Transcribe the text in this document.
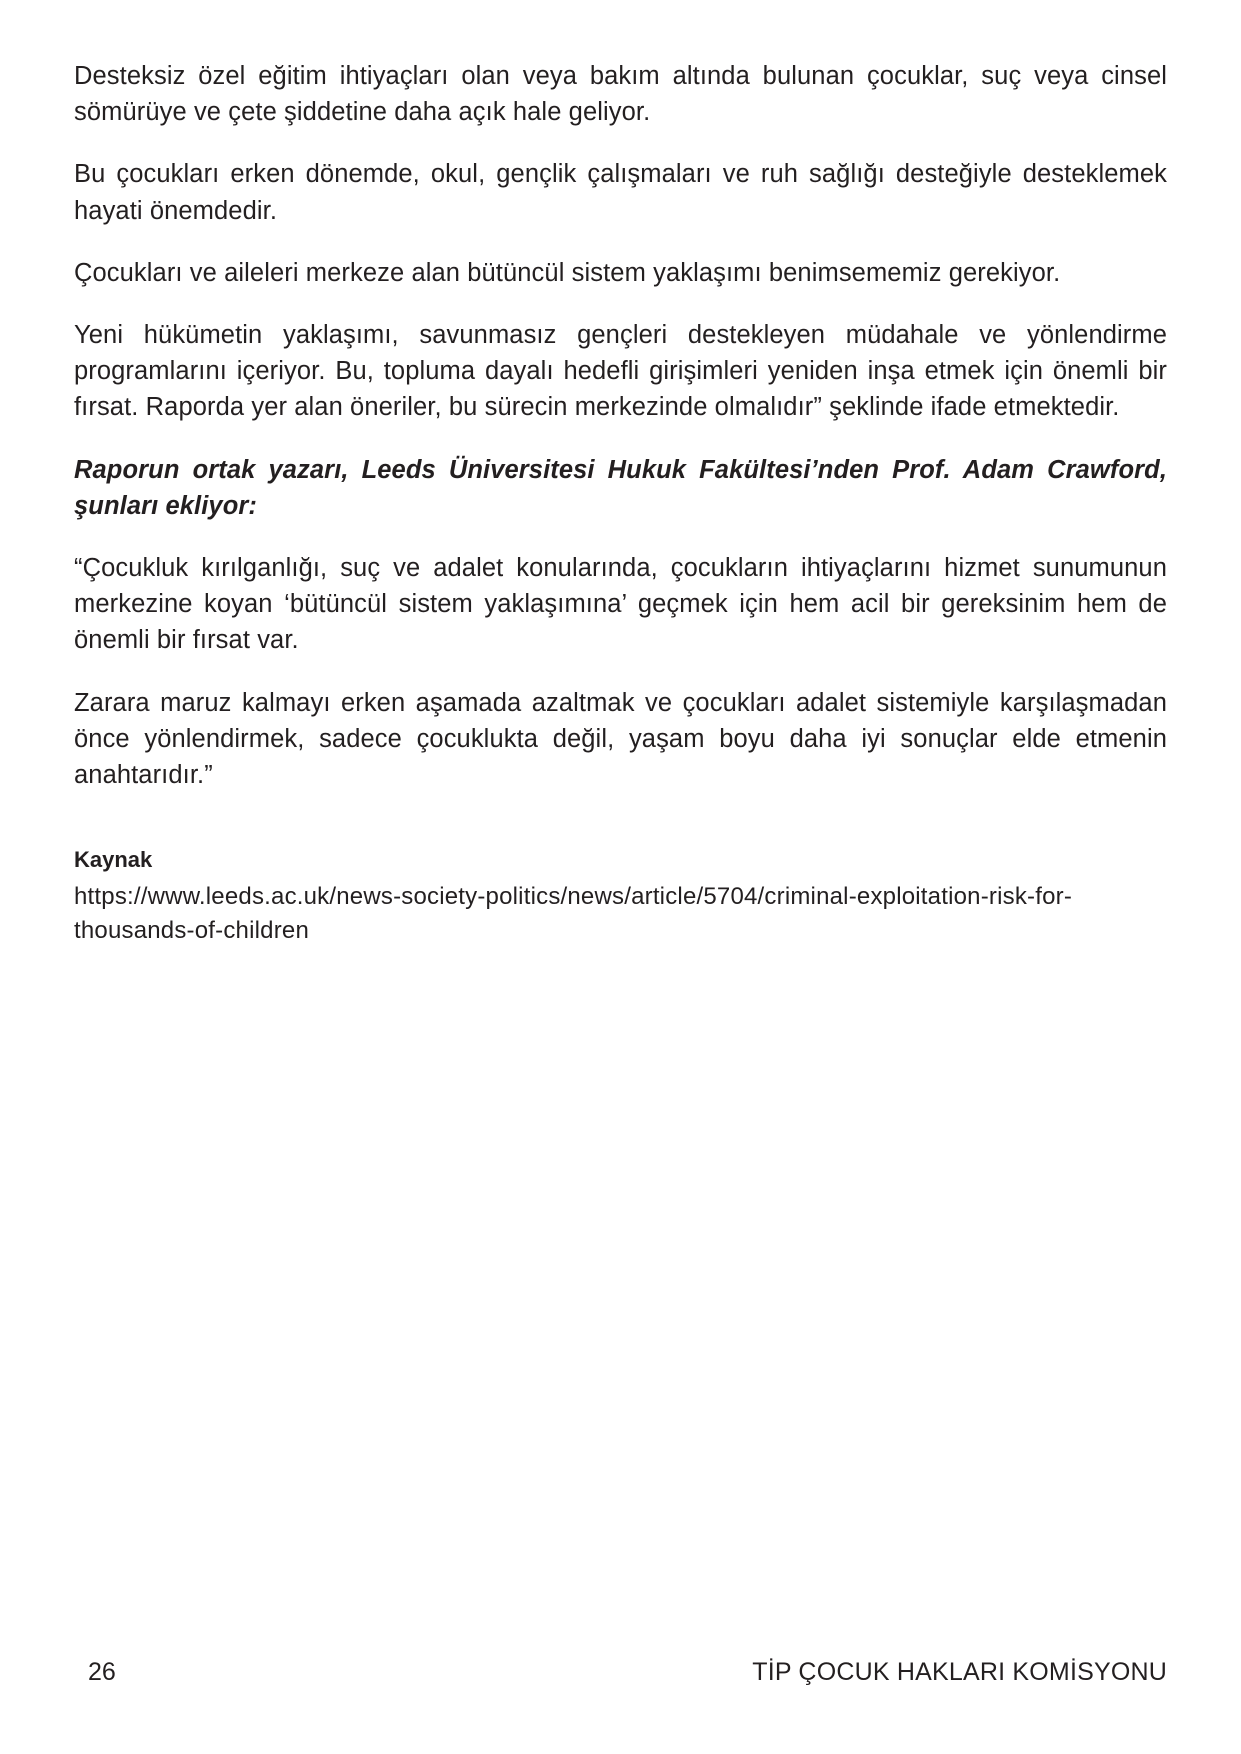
Desteksiz özel eğitim ihtiyaçları olan veya bakım altında bulunan çocuklar, suç veya cinsel sömürüye ve çete şiddetine daha açık hale geliyor.

Bu çocukları erken dönemde, okul, gençlik çalışmaları ve ruh sağlığı desteğiyle desteklemek hayati önemdedir.

Çocukları ve aileleri merkeze alan bütüncül sistem yaklaşımı benimsememiz gerekiyor.

Yeni hükümetin yaklaşımı, savunmasız gençleri destekleyen müdahale ve yönlendirme programlarını içeriyor. Bu, topluma dayalı hedefli girişimleri yeniden inşa etmek için önemli bir fırsat. Raporda yer alan öneriler, bu sürecin merkezinde olmalıdır” şeklinde ifade etmektedir.

Raporun ortak yazarı, Leeds Üniversitesi Hukuk Fakültesi’nden Prof. Adam Crawford, şunları ekliyor:

“Çocukluk kırılganlığı, suç ve adalet konularında, çocukların ihtiyaçlarını hizmet sunumunun merkezine koyan ‘bütüncül sistem yaklaşımına’ geçmek için hem acil bir gereksinim hem de önemli bir fırsat var.

Zarara maruz kalmayı erken aşamada azaltmak ve çocukları adalet sistemiyle karşılaşmadan önce yönlendirmek, sadece çocuklukta değil, yaşam boyu daha iyi sonuçlar elde etmenin anahtarıdır.”

Kaynak

https://www.leeds.ac.uk/news-society-politics/news/article/5704/criminal-exploitation-risk-for-thousands-of-children

26	TİP ÇOCUK HAKLARI KOMİSYONU
